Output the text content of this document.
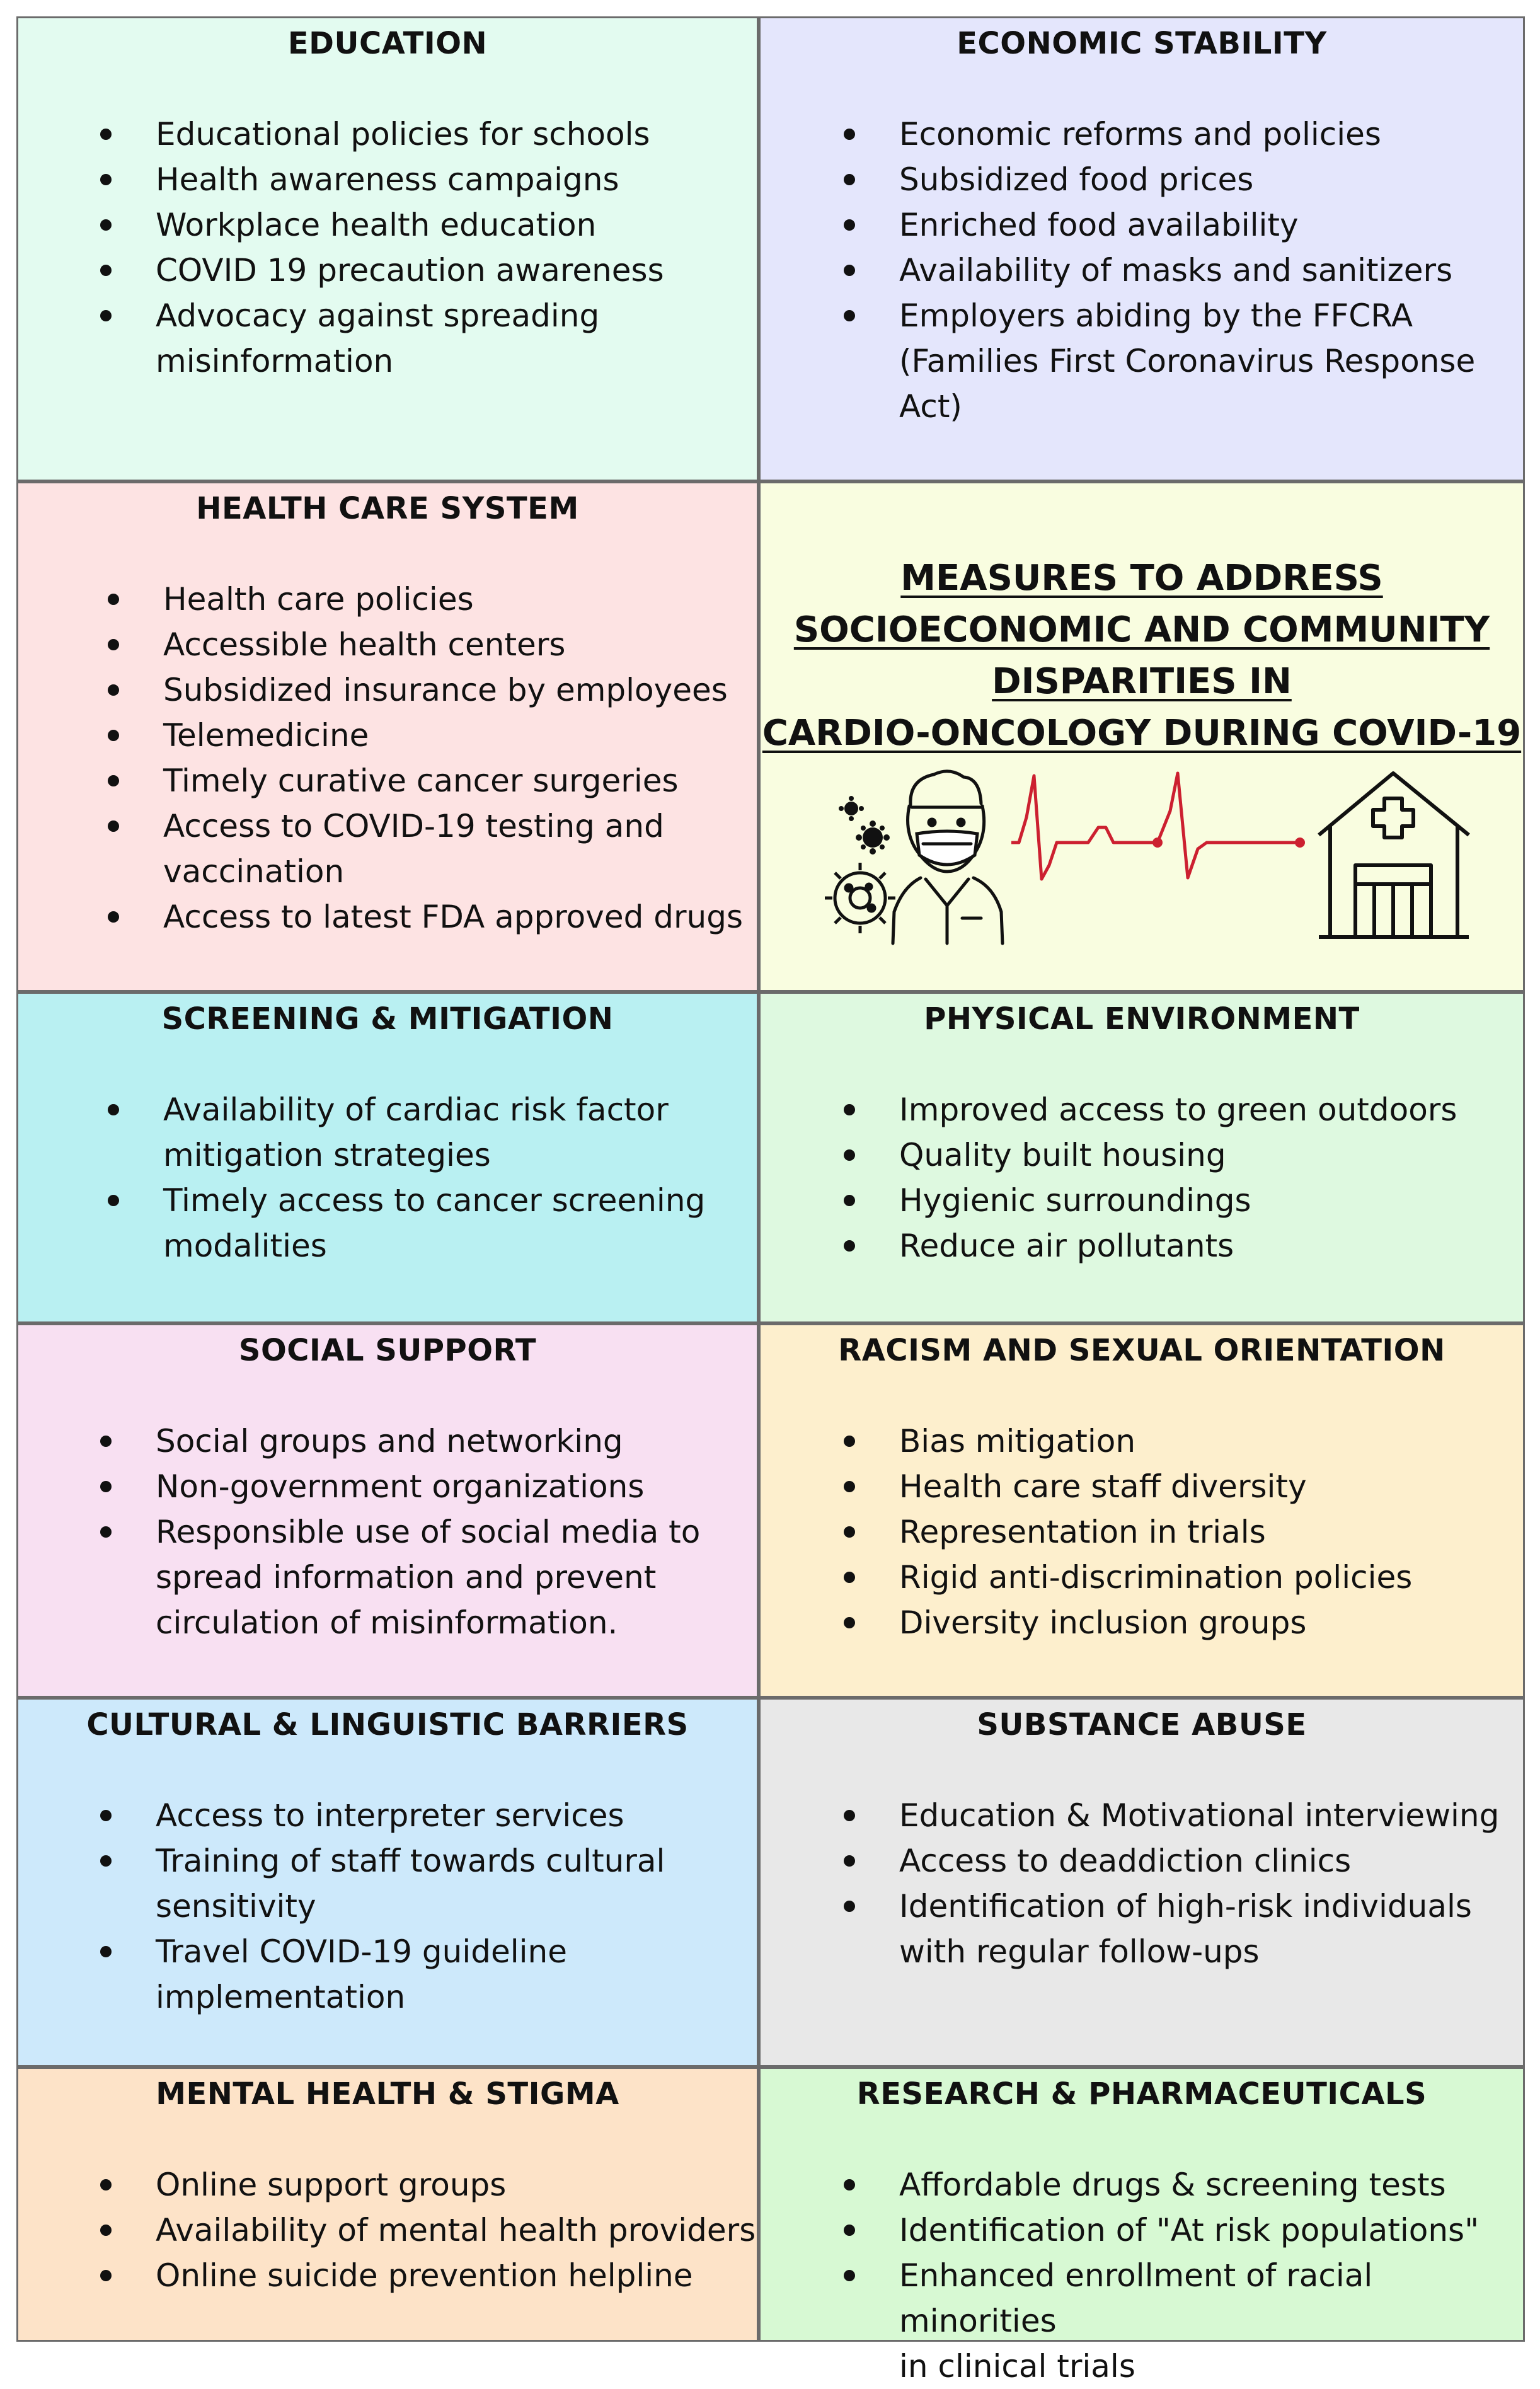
EDUCATION
Educational policies for schools
Health awareness campaigns
Workplace health education
COVID 19 precaution awareness
Advocacy against spreading
misinformation
ECONOMIC STABILITY
Economic reforms and policies
Subsidized food prices
Enriched food availability
Availability of masks and sanitizers
Employers abiding by the FFCRA
(Families First Coronavirus Response
Act)
HEALTH CARE SYSTEM
Health care policies
Accessible health centers
Subsidized insurance by employees
Telemedicine
Timely curative cancer surgeries
Access to COVID-19 testing and
vaccination
Access to latest FDA approved drugs
MEASURES TO ADDRESS
SOCIOECONOMIC AND COMMUNITY
DISPARITIES IN
CARDIO-ONCOLOGY DURING COVID-19
SCREENING & MITIGATION
Availability of cardiac risk factor
mitigation strategies
Timely access to cancer screening
modalities
PHYSICAL ENVIRONMENT
Improved access to green outdoors
Quality built housing
Hygienic surroundings
Reduce air pollutants
SOCIAL SUPPORT
Social groups and networking
Non-government organizations
Responsible use of social media to
spread information and prevent
circulation of misinformation.
RACISM AND SEXUAL ORIENTATION
Bias mitigation
Health care staff diversity
Representation in trials
Rigid anti-discrimination policies
Diversity inclusion groups
CULTURAL & LINGUISTIC BARRIERS
Access to interpreter services
Training of staff towards cultural
sensitivity
Travel COVID-19 guideline
implementation
SUBSTANCE ABUSE
Education & Motivational interviewing
Access to deaddiction clinics
Identification of high-risk individuals
with regular follow-ups
MENTAL HEALTH & STIGMA
Online support groups
Availability of mental health providers
Online suicide prevention helpline
RESEARCH & PHARMACEUTICALS
Affordable drugs & screening tests
Identification of "At risk populations"
Enhanced enrollment of racial minorities
in clinical trials
